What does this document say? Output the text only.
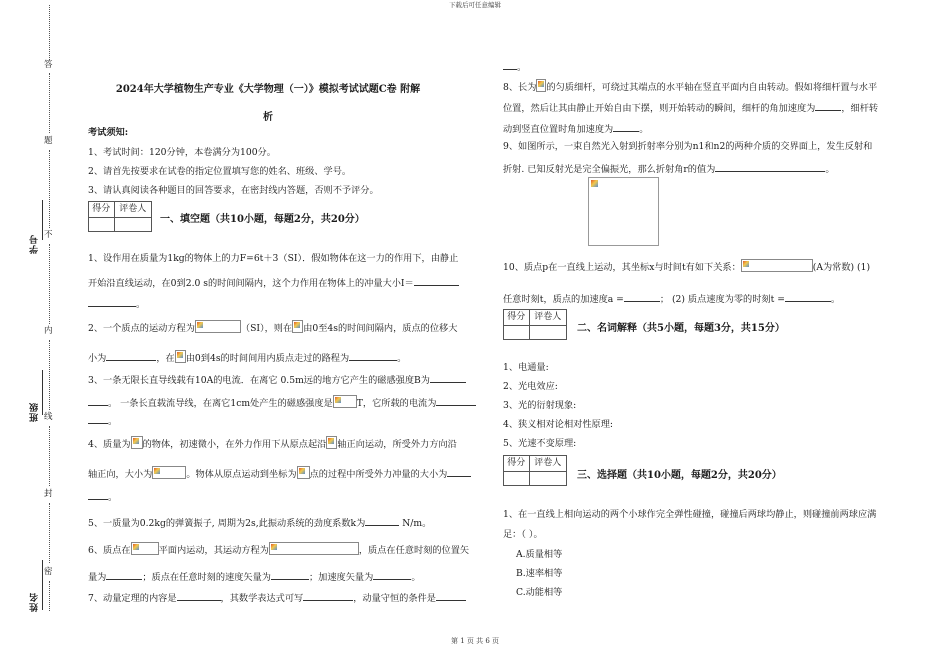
下载后可任意编辑
答
题
不
内
线
封
密
学号
班级
姓名
2024年大学植物生产专业《大学物理（一）》模拟考试试题C卷 附解
析
考试须知:
1、考试时间：120分钟，本卷满分为100分。
2、请首先按要求在试卷的指定位置填写您的姓名、班级、学号。
3、请认真阅读各种题目的回答要求，在密封线内答题，否则不予评分。
得分 评卷人
一、填空题（共10小题，每题2分，共20分）
1、设作用在质量为1kg的物体上的力F=6t＋3（SI）．假如物体在这一力的作用下，由静止
开始沿直线运动，在0到2.0 s的时间间隔内，这个力作用在物体上的冲量大小I＝
。
2、一个质点的运动方程为	（SI），则在 由0至4s的时间间隔内，质点的位移大
小为	，在 由0到4s的时间间用内质点走过的路程为	。
3、一条无限长直导线载有10A的电流．在离它 0.5m远的地方它产生的磁感强度B为
。 一条长直载流导线，在离它1cm处产生的磁感强度是	T，它所载的电流为
。
4、质量为 的物体，初速微小，在外力作用下从原点起沿 轴正向运动，所受外力方向沿
轴正向，大小为	。物体从原点运动到坐标为 点的过程中所受外力冲量的大小为
。
5、一质量为0.2kg的弹簧振子, 周期为2s,此振动系统的劲度系数k为	N/m。
6、质点在	平面内运动，其运动方程为	，质点在任意时刻的位置矢
量为	；质点在任意时刻的速度矢量为	；加速度矢量为	。
7、动量定理的内容是	，其数学表达式可写	，动量守恒的条件是
。
8、长为 的匀质细杆，可绕过其端点的水平轴在竖直平面内自由转动。假如将细杆置与水平
位置，然后让其由静止开始自由下摆，则开始转动的瞬间，细杆的角加速度为	，细杆转
动到竖直位置时角加速度为	。
9、如图所示，一束自然光入射到折射率分别为n1和n2的两种介质的交界面上，发生反射和
折射. 已知反射光是完全偏振光，那么折射角r的值为	。
10、质点p在一直线上运动，其坐标x与时间t有如下关系：	(A为常数) (1)
任意时刻t，质点的加速度a =	； (2) 质点速度为零的时刻t =	。
得分 评卷人
二、名词解释（共5小题，每题3分，共15分）
1、电通量:
2、光电效应:
3、光的衍射现象:
4、狭义相对论相对性原理:
5、光速不变原理:
得分 评卷人
三、选择题（共10小题，每题2分，共20分）
1、在一直线上相向运动的两个小球作完全弹性碰撞，碰撞后两球均静止，则碰撞前两球应满
足：（ ）。
A.质量相等
B.速率相等
C.动能相等
第 1 页 共 6 页
